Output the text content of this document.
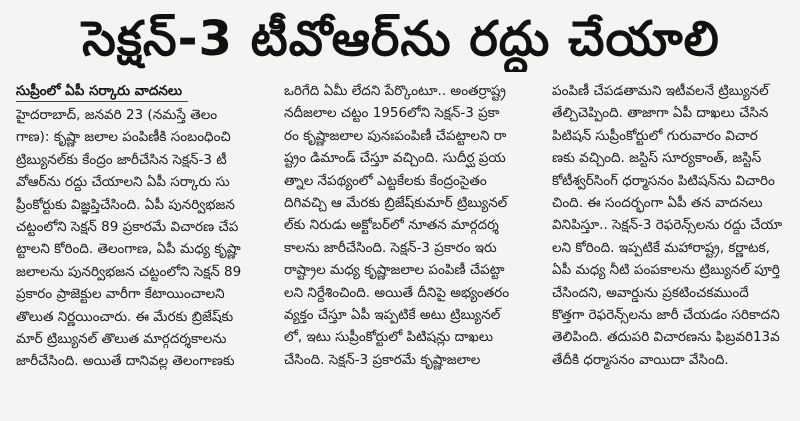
సెక్షన్-3 టీవోఆర్‌ను రద్దు చేయాలి
సుప్రీంలో ఏపీ సర్కారు వాదనలు
హైదరాబాద్, జనవరి 23 (నమస్తే తెలం
గాణ): కృష్ణా జలాల పంపిణీకి సంబంధించి
ట్రిబ్యునల్‌కు కేంద్రం జారీచేసిన సెక్షన్-3 టీ
వోఆర్‌ను రద్దు చేయాలని ఏపీ సర్కారు సు
ప్రీంకోర్టుకు విజ్ఞప్తిచేసింది. ఏపీ పునర్విభజన
చట్టంలోని సెక్షన్ 89 ప్రకారమే విచారణ చేప
ట్టాలని కోరింది. తెలంగాణ, ఏపీ మధ్య కృష్ణా
జలాలను పునర్విభజన చట్టంలోని సెక్షన్ 89
ప్రకారం ప్రాజెక్టుల వారీగా కేటాయించాలని
తొలుత నిర్ణయించారు. ఈ మేరకు బ్రిజేష్‌కు
మార్ ట్రిబ్యునల్ తొలుత మార్గదర్శకాలను
జారీచేసింది. అయితే దానివల్ల తెలంగాణకు
ఒరిగేది ఏమీ లేదని పేర్కొంటూ.. అంతర్రాష్ట్ర
నదీజలాల చట్టం 1956లోని సెక్షన్-3 ప్రకా
రం కృష్ణాజలాల పునఃపంపిణీ చేపట్టాలని రా
ష్ట్రం డిమాండ్ చేస్తూ వచ్చింది. సుదీర్ఘ ప్రయ
త్నాల నేపథ్యంలో ఎట్టకేలకు కేంద్రంసైతం
దిగివచ్చి ఆ మేరకు బ్రిజేష్‌కుమార్ ట్రిబ్యునల్
ల్‌కు నిరుడు అక్టోబర్‌లో నూతన మార్గదర్శ
కాలను జారీచేసింది. సెక్షన్-3 ప్రకారం ఇరు
రాష్ట్రాల మధ్య కృష్ణాజలాల పంపిణీ చేపట్టా
లని నిర్దేశించింది. అయితే దీనిపై అభ్యంతరం
వ్యక్తం చేస్తూ ఏపీ ఇప్పటికే అటు ట్రిబ్యునల్
లో, ఇటు సుప్రీంకోర్టులో పిటిషన్లు దాఖలు
చేసింది. సెక్షన్-3 ప్రకారమే కృష్ణాజలాల
పంపిణీ చేపడతామని ఇటీవలనే ట్రిబ్యునల్
తేల్చిచెప్పింది. తాజాగా ఏపీ దాఖలు చేసిన
పిటిషన్ సుప్రీంకోర్టులో గురువారం విచార
ణకు వచ్చింది. జస్టిస్ సూర్యకాంత్, జస్టిస్
కోటీశ్వర్‌సింగ్ ధర్మాసనం పిటిషన్‌ను విచారిం
చింది. ఈ సందర్భంగా ఏపీ తన వాదనలు
వినిపిస్తూ.. సెక్షన్-3 రెఫరెన్స్‌లను రద్దు చేయా
లని కోరింది. ఇప్పటికే మహారాష్ట్ర, కర్ణాటక,
ఏపీ మధ్య నీటి పంపకాలను ట్రిబ్యునల్ పూర్తి
చేసిందని, అవార్డును ప్రకటించకముందే
కొత్తగా రెఫరెన్స్‌లను జారీ చేయడం సరికాదని
తెలిపింది. తదుపరి విచారణను ఫిబ్రవరి13వ
తేదీకి ధర్మాసనం వాయిదా వేసింది.
